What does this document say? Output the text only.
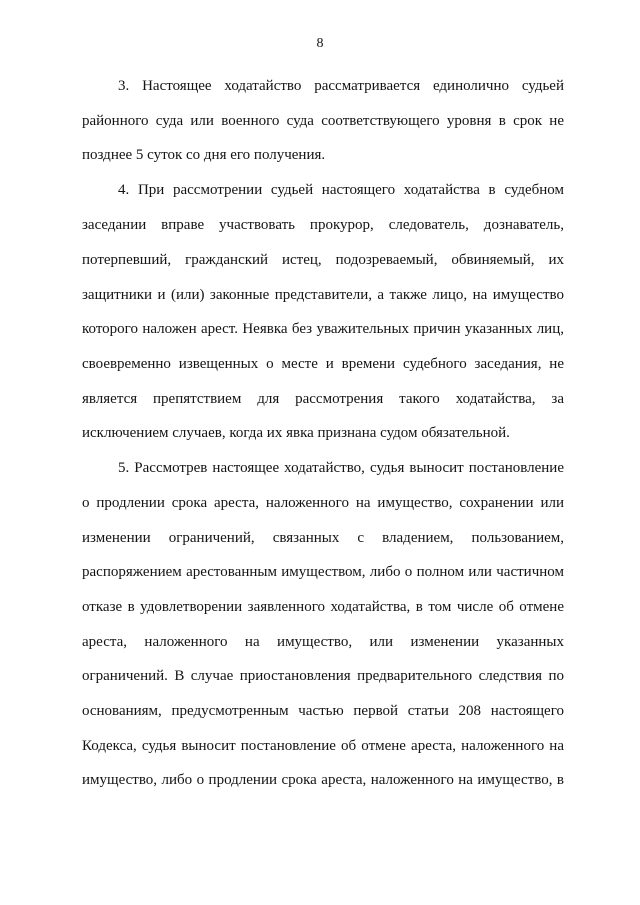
8
3. Настоящее ходатайство рассматривается единолично судьей
районного суда или военного суда соответствующего уровня в срок не
позднее 5 суток со дня его получения.
4. При рассмотрении судьей настоящего ходатайства в судебном
заседании вправе участвовать прокурор, следователь, дознаватель,
потерпевший, гражданский истец, подозреваемый, обвиняемый, их
защитники и (или) законные представители, а также лицо, на имущество
которого наложен арест. Неявка без уважительных причин указанных лиц,
своевременно извещенных о месте и времени судебного заседания, не
является препятствием для рассмотрения такого ходатайства, за
исключением случаев, когда их явка признана судом обязательной.
5. Рассмотрев настоящее ходатайство, судья выносит постановление
о продлении срока ареста, наложенного на имущество, сохранении или
изменении ограничений, связанных с владением, пользованием,
распоряжением арестованным имуществом, либо о полном или частичном
отказе в удовлетворении заявленного ходатайства, в том числе об отмене
ареста, наложенного на имущество, или изменении указанных
ограничений. В случае приостановления предварительного следствия по
основаниям, предусмотренным частью первой статьи 208 настоящего
Кодекса, судья выносит постановление об отмене ареста, наложенного на
имущество, либо о продлении срока ареста, наложенного на имущество, в
